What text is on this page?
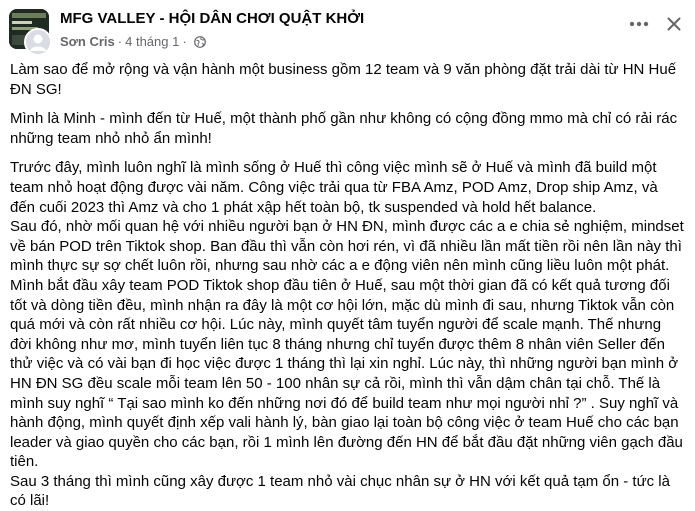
MFG VALLEY - HỘI DÂN CHƠI QUẬT KHỞI
Sơn Cris · 4 tháng 1 ·

Làm sao để mở rộng và vận hành một business gồm 12 team và 9 văn phòng đặt trải dài từ HN Huế ĐN SG!

Mình là Minh - mình đến từ Huế, một thành phố gần như không có cộng đồng mmo mà chỉ có rải rác những team nhỏ nhỏ ẩn mình!

Trước đây, mình luôn nghĩ là mình sống ở Huế thì công việc mình sẽ ở Huế và mình đã build một team nhỏ hoạt động được vài năm. Công việc trải qua từ FBA Amz, POD Amz, Drop ship Amz, và đến cuối 2023 thì Amz và cho 1 phát xập hết toàn bộ, tk suspended và hold hết balance.

Sau đó, nhờ mối quan hệ với nhiều người bạn ở HN ĐN, mình được các a e chia sẻ nghiệm, mindset về bán POD trên Tiktok shop. Ban đầu thì vẫn còn hơi rén, vì đã nhiều lần mất tiền rồi nên lần này thì mình thực sự sợ chết luôn rồi, nhưng sau nhờ các a e động viên nên mình cũng liều luôn một phát.

Mình bắt đầu xây team POD Tiktok shop đầu tiên ở Huế, sau một thời gian đã có kết quả tương đối tốt và dòng tiền đều, mình nhận ra đây là một cơ hội lớn, mặc dù mình đi sau, nhưng Tiktok vẫn còn quá mới và còn rất nhiều cơ hội. Lúc này, mình quyết tâm tuyển người để scale mạnh. Thế nhưng đời không như mơ, mình tuyển liên tục 8 tháng nhưng chỉ tuyển được thêm 8 nhân viên Seller đến thử việc và có vài bạn đi học việc được 1 tháng thì lại xin nghỉ. Lúc này, thì những người bạn mình ở HN ĐN SG đều scale mỗi team lên 50 - 100 nhân sự cả rồi, mình thì vẫn dậm chân tại chỗ. Thế là mình suy nghĩ “ Tại sao mình ko đến những nơi đó để build team như mọi người nhỉ ?” . Suy nghĩ và hành động, mình quyết định xếp vali hành lý, bàn giao lại toàn bộ công việc ở team Huế cho các bạn leader và giao quyền cho các bạn, rồi 1 mình lên đường đến HN để bắt đầu đặt những viên gạch đầu tiên.

Sau 3 tháng thì mình cũng xây được 1 team nhỏ vài chục nhân sự ở HN với kết quả tạm ổn - tức là có lãi!
